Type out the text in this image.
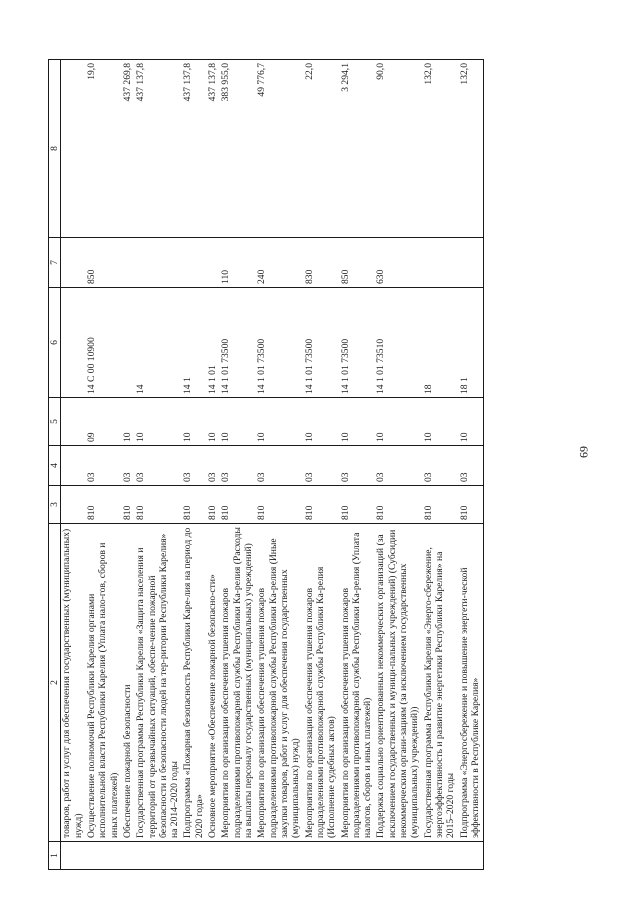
69
1	2	3	4	5	6	7	8
	товаров, работ и услуг для обеспечения государственных (муниципальных) нужд)						
	Осуществление полномочий Республики Карелия органами исполнительной власти Республики Карелия (Уплата нало-гов, сборов и иных платежей)	810	03	09	14 С 00 10900	850	19,0
	Обеспечение пожарной безопасности	810	03	10			437 269,8
	Государственная программа Республики Карелия «Защита населения и территорий от чрезвычайных ситуаций, обеспе-чение пожарной безопасности и безопасности людей на тер-ритории Республики Карелия» на 2014–2020 годы	810	03	10	14		437 137,8
	Подпрограмма «Пожарная безопасность Республики Каре-лия на период до 2020 года»	810	03	10	14 1		437 137,8
	Основное мероприятие «Обеспечение пожарной безопасно-сти»	810	03	10	14 1 01		437 137,8
	Мероприятия по организации обеспечения тушения пожаров подразделениями противопожарной службы Республики Ка-релия (Расходы на выплаты персоналу государственных (муниципальных) учреждений)	810	03	10	14 1 01 73500	110	383 955,0
	Мероприятия по организации обеспечения тушения пожаров подразделениями противопожарной службы Республики Ка-релия (Иные закупки товаров, работ и услуг для обеспечения государственных (муниципальных) нужд)	810	03	10	14 1 01 73500	240	49 776,7
	Мероприятия по организации обеспечения тушения пожаров подразделениями противопожарной службы Республики Ка-релия (Исполнение судебных актов)	810	03	10	14 1 01 73500	830	22,0
	Мероприятия по организации обеспечения тушения пожаров подразделениями противопожарной службы Республики Ка-релия (Уплата налогов, сборов и иных платежей)	810	03	10	14 1 01 73500	850	3 294,1
	Поддержка социально ориентированных некоммерческих организаций (за исключением государственных и муници-пальных учреждений) (Субсидии некоммерческим органи-зациям (за исключением государственных (муниципальных) учреждений))	810	03	10	14 1 01 73510	630	90,0
	Государственная программа Республики Карелия «Энерго-сбережение, энергоэффективность и развитие энергетики Республики Карелия» на 2015–2020 годы	810	03	10	18		132,0
	Подпрограмма «Энергосбережение и повышение энергети-ческой эффективности в Республике Карелия»	810	03	10	18 1		132,0
